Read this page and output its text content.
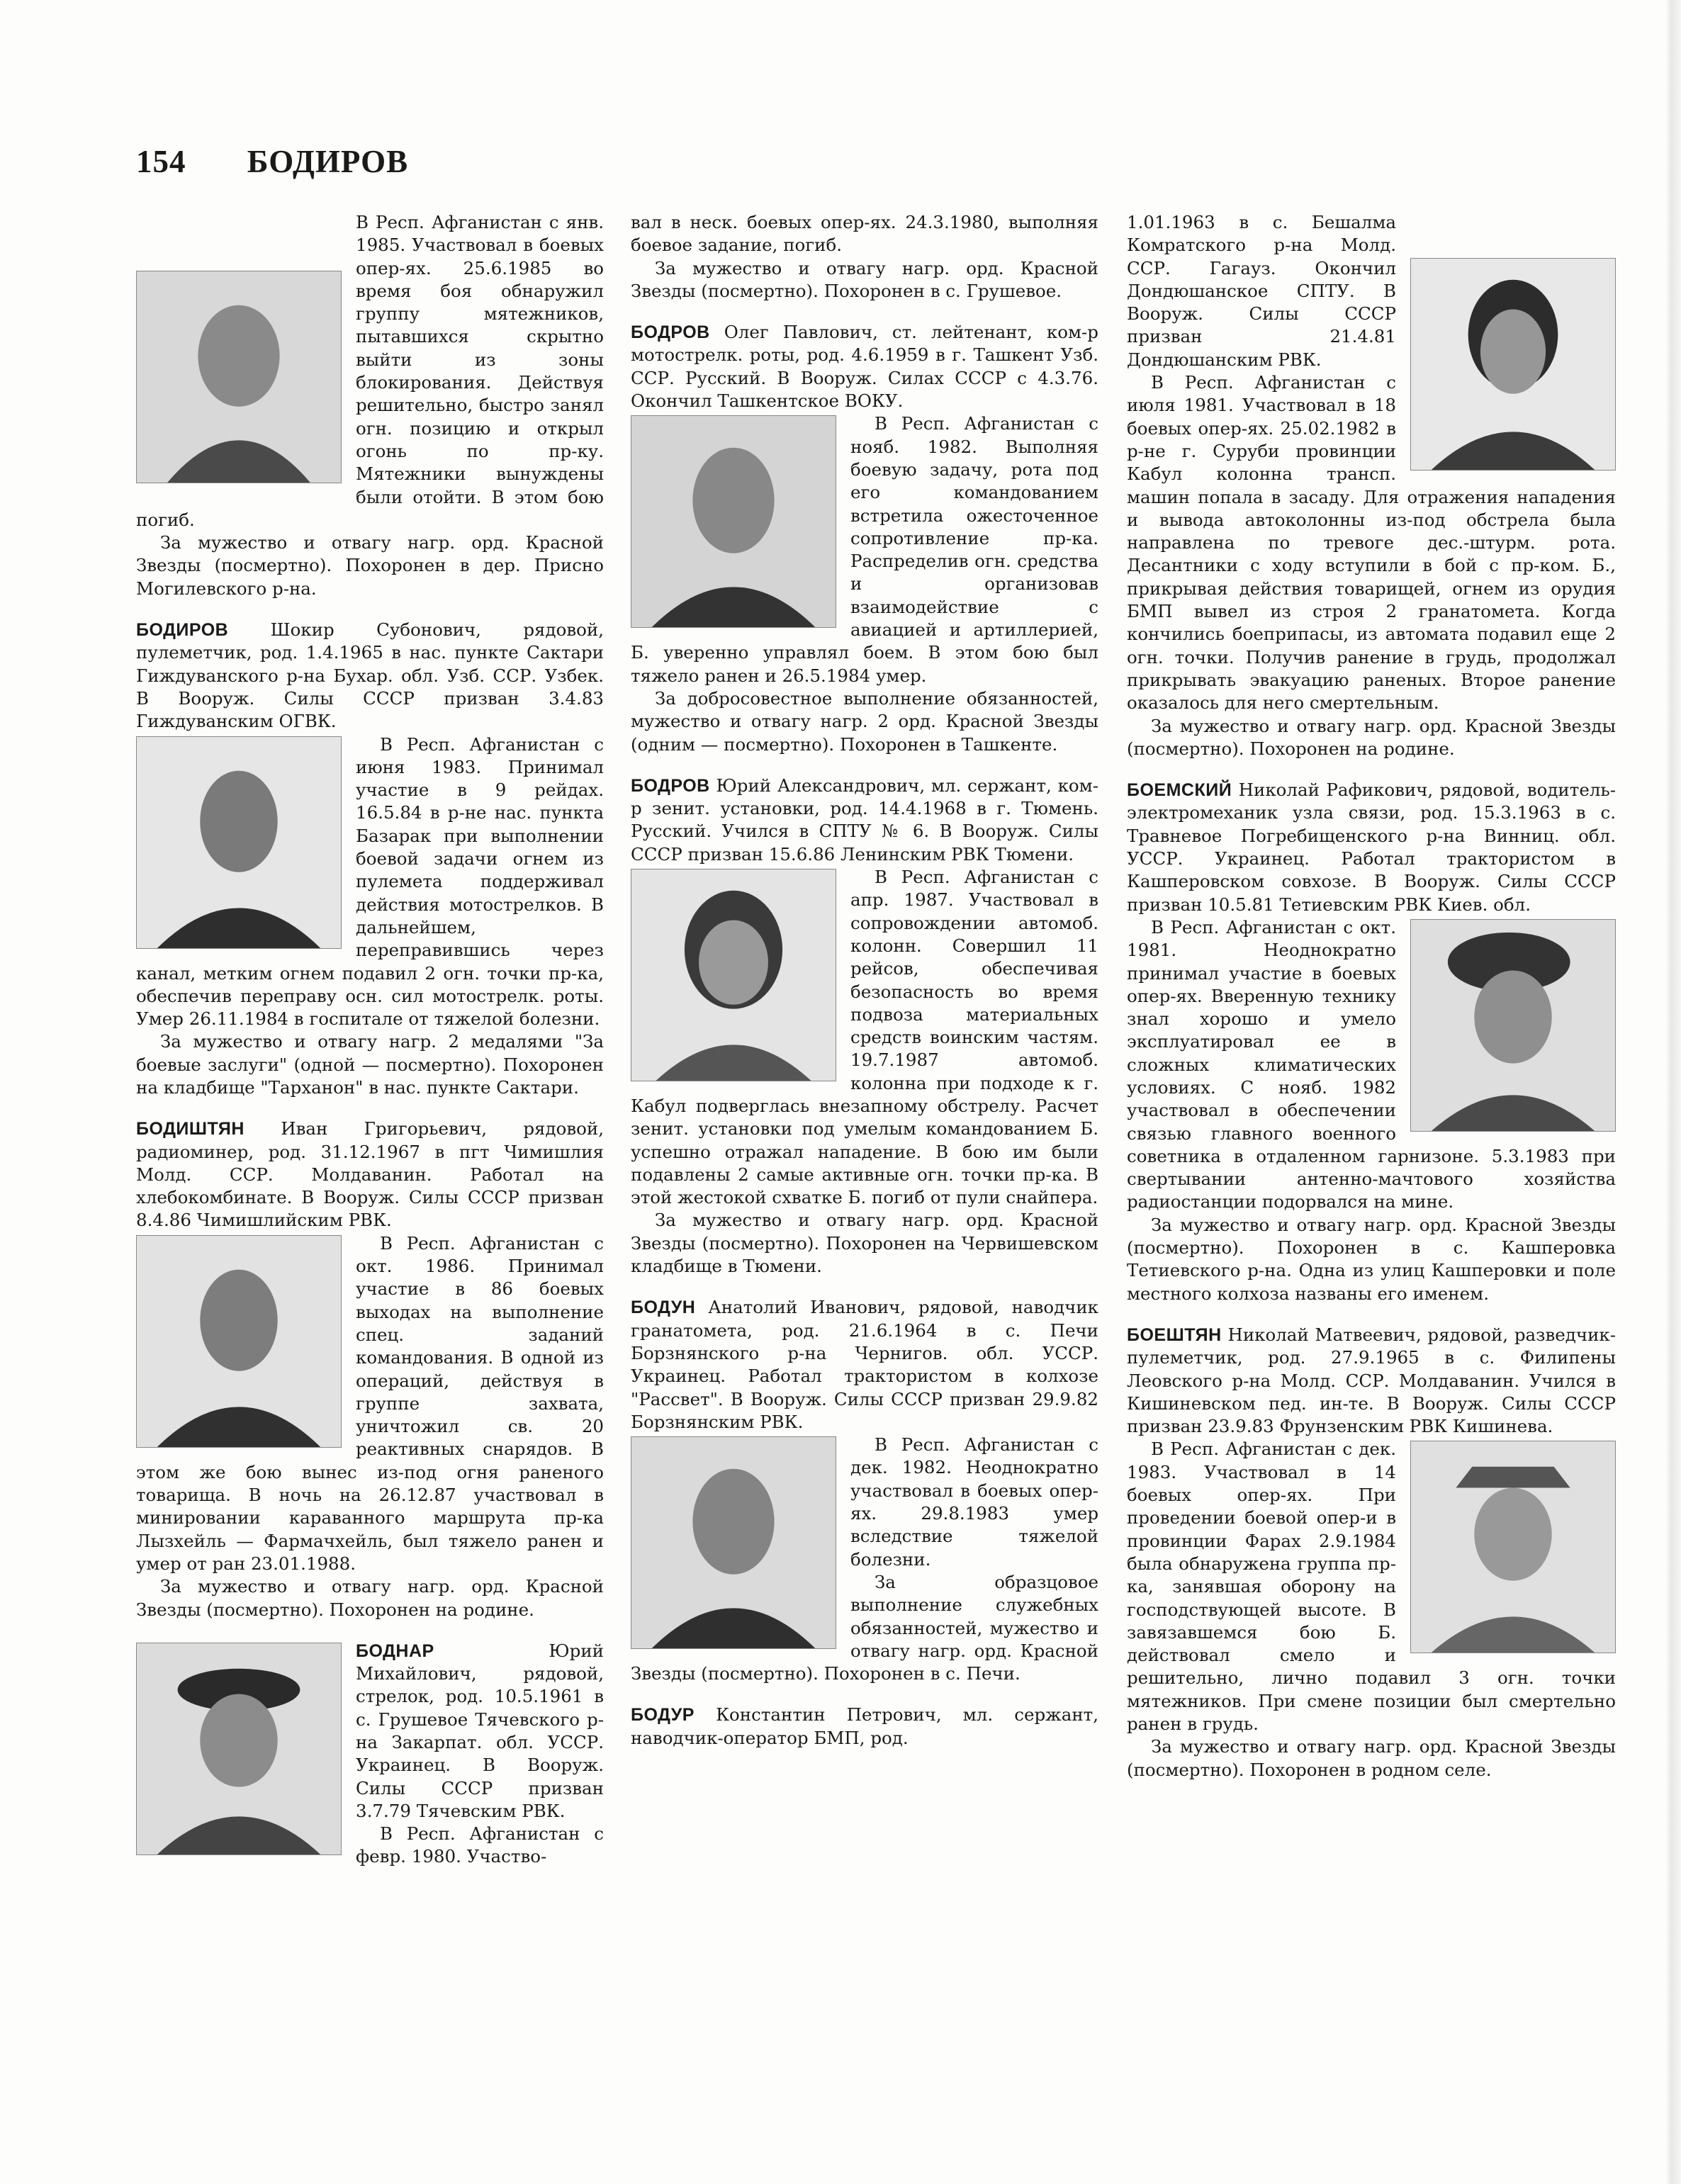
154 БОДИРОВ

В Респ. Афганистан с янв. 1985. Участвовал в боевых опер-ях. 25.6.1985 во время боя обнаружил группу мятежников, пытавшихся скрытно выйти из зоны блокирования. Действуя решительно, быстро занял огн. позицию и открыл огонь по пр-ку. Мятежники вынуждены были отойти. В этом бою погиб.

За мужество и отвагу нагр. орд. Красной Звезды (посмертно). Похоронен в дер. Присно Могилевского р-на.

БОДИРОВ Шокир Субонович, рядовой, пулеметчик, род. 1.4.1965 в нас. пункте Сактари Гиждуванского р-на Бухар. обл. Узб. ССР. Узбек. В Вооруж. Силы СССР призван 3.4.83 Гиждуванским ОГВК.

В Респ. Афганистан с июня 1983. Принимал участие в 9 рейдах. 16.5.84 в р-не нас. пункта Базарак при выполнении боевой задачи огнем из пулемета поддерживал действия мотострелков. В дальнейшем, переправившись через канал, метким огнем подавил 2 огн. точки пр-ка, обеспечив переправу осн. сил мотострелк. роты. Умер 26.11.1984 в госпитале от тяжелой болезни.

За мужество и отвагу нагр. 2 медалями "За боевые заслуги" (одной — посмертно). Похоронен на кладбище "Тарханон" в нас. пункте Сактари.

БОДИШТЯН Иван Григорьевич, рядовой, радиоминер, род. 31.12.1967 в пгт Чимишлия Молд. ССР. Молдаванин. Работал на хлебокомбинате. В Вооруж. Силы СССР призван 8.4.86 Чимишлийским РВК.

В Респ. Афганистан с окт. 1986. Принимал участие в 86 боевых выходах на выполнение спец. заданий командования. В одной из операций, действуя в группе захвата, уничтожил св. 20 реактивных снарядов. В этом же бою вынес из-под огня раненого товарища. В ночь на 26.12.87 участвовал в минировании караванного маршрута пр-ка Лызхейль — Фармачхейль, был тяжело ранен и умер от ран 23.01.1988.

За мужество и отвагу нагр. орд. Красной Звезды (посмертно). Похоронен на родине.

БОДНАР	Юрий Михайлович, рядовой, стрелок, род. 10.5.1961 в с. Грушевое Тячевского р-на Закарпат. обл. УССР. Украинец. В Вооруж. Силы СССР призван 3.7.79 Тячевским РВК.

В Респ. Афганистан с февр. 1980. Участво-

вал в неск. боевых опер-ях. 24.3.1980, выполняя боевое задание, погиб.

За мужество и отвагу нагр. орд. Красной Звезды (посмертно). Похоронен в с. Грушевое.

БОДРОВ Олег Павлович, ст. лейтенант, ком-р мотострелк. роты, род. 4.6.1959 в г. Ташкент Узб. ССР. Русский. В Вооруж. Силах СССР с 4.3.76. Окончил Ташкентское ВОКУ.

В Респ. Афганистан с нояб. 1982. Выполняя боевую задачу, рота под его командованием встретила ожесточенное сопротивление пр-ка. Распределив огн. средства и организовав взаимодействие с авиацией и артиллерией, Б. уверенно управлял боем. В этом бою был тяжело ранен и 26.5.1984 умер.

За добросовестное выполнение обязанностей, мужество и отвагу нагр. 2 орд. Красной Звезды (одним — посмертно). Похоронен в Ташкенте.

БОДРОВ Юрий Александрович, мл. сержант, ком-р зенит. установки, род. 14.4.1968 в г. Тюмень. Русский. Учился в СПТУ № 6. В Вооруж. Силы СССР призван 15.6.86 Ленинским РВК Тюмени.

В Респ. Афганистан с апр. 1987. Участвовал в сопровождении автомоб. колонн. Совершил 11 рейсов, обеспечивая безопасность во время подвоза материальных средств воинским частям. 19.7.1987 автомоб. колонна при подходе к г. Кабул подверглась внезапному обстрелу. Расчет зенит. установки под умелым командованием Б. успешно отражал нападение. В бою им были подавлены 2 самые активные огн. точки пр-ка. В этой жестокой схватке Б. погиб от пули снайпера.

За мужество и отвагу нагр. орд. Красной Звезды (посмертно). Похоронен на Червишевском кладбище в Тюмени.

БОДУН Анатолий Иванович, рядовой, наводчик гранатомета, род. 21.6.1964 в с. Печи Борзнянского р-на Чернигов. обл. УССР. Украинец. Работал трактористом в колхозе "Рассвет". В Вооруж. Силы СССР призван 29.9.82 Борзнянским РВК.

В Респ. Афганистан с дек. 1982. Неоднократно участвовал в боевых опер-ях. 29.8.1983 умер вследствие тяжелой болезни.

За образцовое выполнение служебных обязанностей, мужество и отвагу нагр. орд. Красной Звезды (посмертно). Похоронен в с. Печи.

БОДУР Константин Петрович, мл. сержант, наводчик-оператор БМП, род.

1.01.1963 в с. Бешалма Комратского р-на Молд. ССР. Гагауз. Окончил Дондюшанское СПТУ. В Вооруж. Силы СССР призван 21.4.81 Дондюшанским РВК.

В Респ. Афганистан с июля 1981. Участвовал в 18 боевых опер-ях. 25.02.1982 в р-не г. Суруби провинции Кабул колонна трансп. машин попала в засаду. Для отражения нападения и вывода автоколонны из-под обстрела была направлена по тревоге дес.-штурм. рота. Десантники с ходу вступили в бой с пр-ком. Б., прикрывая действия товарищей, огнем из орудия БМП вывел из строя 2 гранатомета. Когда кончились боеприпасы, из автомата подавил еще 2 огн. точки. Получив ранение в грудь, продолжал прикрывать эвакуацию раненых. Второе ранение оказалось для него смертельным.

За мужество и отвагу нагр. орд. Красной Звезды (посмертно). Похоронен на родине.

БОЕМСКИЙ Николай Рафикович, рядовой, водитель-электромеханик узла связи, род. 15.3.1963 в с. Травневое Погребищенского р-на Винниц. обл. УССР. Украинец. Работал трактористом в Кашперовском совхозе. В Вооруж. Силы СССР призван 10.5.81 Тетиевским РВК Киев. обл.

В Респ. Афганистан с окт. 1981. Неоднократно принимал участие в боевых опер-ях. Вверенную технику знал хорошо и умело эксплуатировал ее в сложных климатических условиях. С нояб. 1982 участвовал в обеспечении связью главного военного советника в отдаленном гарнизоне. 5.3.1983 при свертывании антенно-мачтового хозяйства радиостанции подорвался на мине.

За мужество и отвагу нагр. орд. Красной Звезды (посмертно). Похоронен в с. Кашперовка Тетиевского р-на. Одна из улиц Кашперовки и поле местного колхоза названы его именем.

БОЕШТЯН Николай Матвеевич, рядовой, разведчик-пулеметчик, род. 27.9.1965 в с. Филипены Леовского р-на Молд. ССР. Молдаванин. Учился в Кишиневском пед. ин-те. В Вооруж. Силы СССР призван 23.9.83 Фрунзенским РВК Кишинева.

В Респ. Афганистан с дек. 1983. Участвовал в 14 боевых опер-ях. При проведении боевой опер-и в провинции Фарах 2.9.1984 была обнаружена группа пр-ка, занявшая оборону на господствующей высоте. В завязавшемся бою Б. действовал смело и решительно, лично подавил 3 огн. точки мятежников. При смене позиции был смертельно ранен в грудь.

За мужество и отвагу нагр. орд. Красной Звезды (посмертно). Похоронен в родном селе.
